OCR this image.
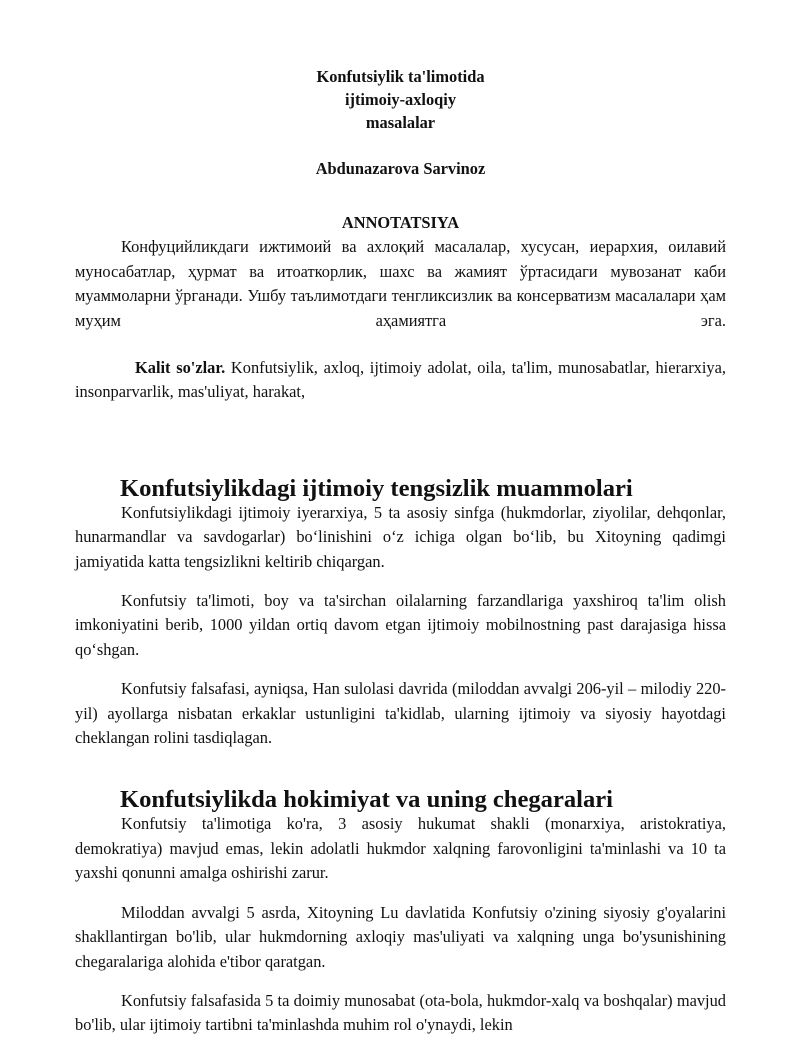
Konfutsiylik ta'limotida
ijtimoiy-axloqiy
masalalar
Abdunazarova Sarvinoz
ANNOTATSIYA

Конфуцийликдаги ижтимоий ва ахлоқий масалалар, хусусан, иерархия, оилавий муносабатлар, ҳурмат ва итоаткорлик, шахс ва жамият ўртасидаги мувозанат каби муаммоларни ўрганади. Ушбу таълимотдаги тенгликсизлик ва консерватизм масалалари ҳам муҳим аҳамиятга эга.

Kalit so'zlar. Konfutsiylik, axloq, ijtimoiy adolat, oila, ta'lim, munosabatlar, hierarxiya, insonparvarlik, mas'uliyat, harakat,

Konfutsiylikdagi ijtimoiy tengsizlik muammolari

Konfutsiylikdagi ijtimoiy iyerarxiya, 5 ta asosiy sinfga (hukmdorlar, ziyolilar, dehqonlar, hunarmandlar va savdogarlar) bo‘linishini o‘z ichiga olgan bo‘lib, bu Xitoyning qadimgi jamiyatida katta tengsizlikni keltirib chiqargan.

Konfutsiy ta'limoti, boy va ta'sirchan oilalarning farzandlariga yaxshiroq ta'lim olish imkoniyatini berib, 1000 yildan ortiq davom etgan ijtimoiy mobilnostning past darajasiga hissa qo‘shgan.

Konfutsiy falsafasi, ayniqsa, Han sulolasi davrida (miloddan avvalgi 206-yil – milodiy 220-yil) ayollarga nisbatan erkaklar ustunligini ta'kidlab, ularning ijtimoiy va siyosiy hayotdagi cheklangan rolini tasdiqlagan.

Konfutsiylikda hokimiyat va uning chegaralari

Konfutsiy ta'limotiga ko'ra, 3 asosiy hukumat shakli (monarxiya, aristokratiya, demokratiya) mavjud emas, lekin adolatli hukmdor xalqning farovonligini ta'minlashi va 10 ta yaxshi qonunni amalga oshirishi zarur.

Miloddan avvalgi 5 asrda, Xitoyning Lu davlatida Konfutsiy o'zining siyosiy g'oyalarini shakllantirgan bo'lib, ular hukmdorning axloqiy mas'uliyati va xalqning unga bo'ysunishining chegaralariga alohida e'tibor qaratgan.

Konfutsiy falsafasida 5 ta doimiy munosabat (ota-bola, hukmdor-xalq va boshqalar) mavjud bo'lib, ular ijtimoiy tartibni ta'minlashda muhim rol o'ynaydi, lekin
